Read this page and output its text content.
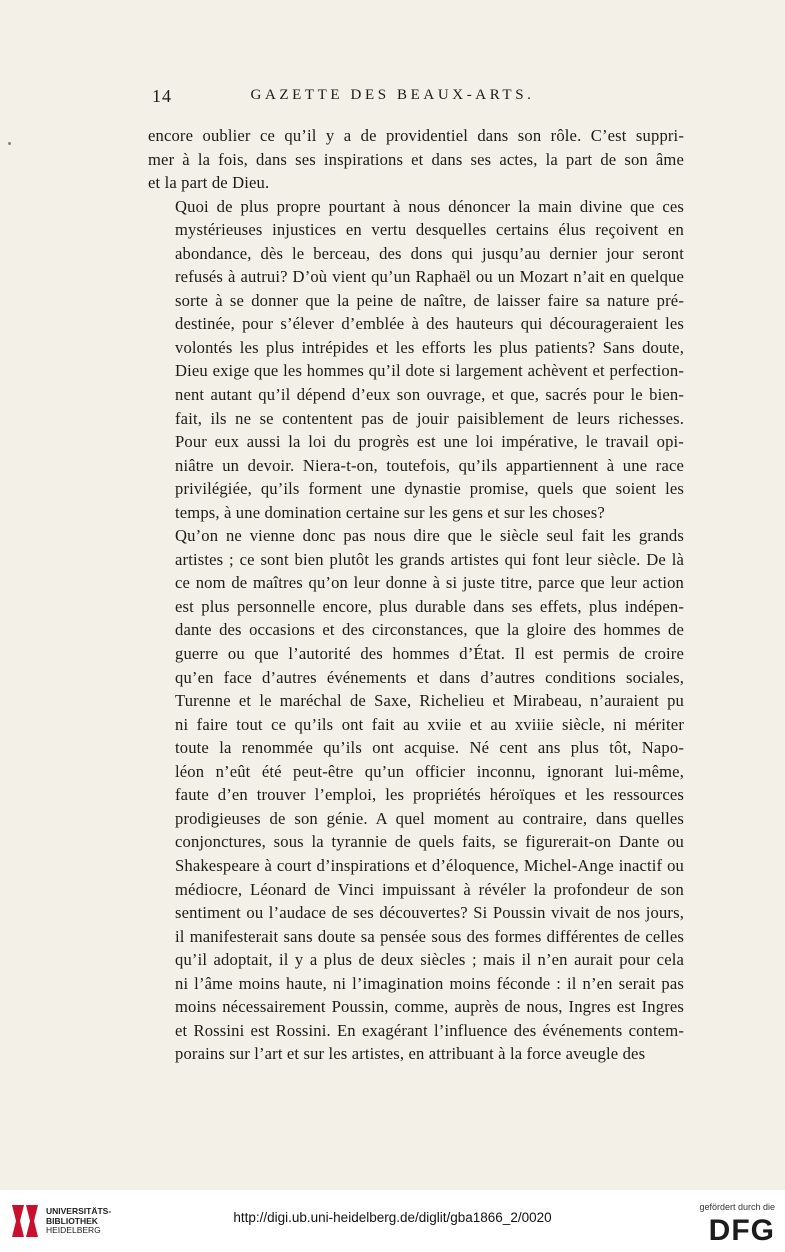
14	GAZETTE DES BEAUX-ARTS.

encore oublier ce qu’il y a de providentiel dans son rôle. C’est suppri-
mer à la fois, dans ses inspirations et dans ses actes, la part de son âme
et la part de Dieu.

Quoi de plus propre pourtant à nous dénoncer la main divine que ces
mystérieuses injustices en vertu desquelles certains élus reçoivent en
abondance, dès le berceau, des dons qui jusqu’au dernier jour seront
refusés à autrui? D’où vient qu’un Raphaël ou un Mozart n’ait en quelque
sorte à se donner que la peine de naître, de laisser faire sa nature pré-
destinée, pour s’élever d’emblée à des hauteurs qui décourageraient les
volontés les plus intrépides et les efforts les plus patients? Sans doute,
Dieu exige que les hommes qu’il dote si largement achèvent et perfection-
nent autant qu’il dépend d’eux son ouvrage, et que, sacrés pour le bien-
fait, ils ne se contentent pas de jouir paisiblement de leurs richesses.
Pour eux aussi la loi du progrès est une loi impérative, le travail opi-
niâtre un devoir. Niera-t-on, toutefois, qu’ils appartiennent à une race
privilégiée, qu’ils forment une dynastie promise, quels que soient les
temps, à une domination certaine sur les gens et sur les choses?

Qu’on ne vienne donc pas nous dire que le siècle seul fait les grands
artistes ; ce sont bien plutôt les grands artistes qui font leur siècle. De là
ce nom de maîtres qu’on leur donne à si juste titre, parce que leur action
est plus personnelle encore, plus durable dans ses effets, plus indépen-
dante des occasions et des circonstances, que la gloire des hommes de
guerre ou que l’autorité des hommes d’État. Il est permis de croire
qu’en face d’autres événements et dans d’autres conditions sociales,
Turenne et le maréchal de Saxe, Richelieu et Mirabeau, n’auraient pu
ni faire tout ce qu’ils ont fait au xviie et au xviiie siècle, ni mériter
toute la renommée qu’ils ont acquise. Né cent ans plus tôt, Napo-
léon n’eût été peut-être qu’un officier inconnu, ignorant lui-même,
faute d’en trouver l’emploi, les propriétés héroïques et les ressources
prodigieuses de son génie. A quel moment au contraire, dans quelles
conjonctures, sous la tyrannie de quels faits, se figurerait-on Dante ou
Shakespeare à court d’inspirations et d’éloquence, Michel-Ange inactif ou
médiocre, Léonard de Vinci impuissant à révéler la profondeur de son
sentiment ou l’audace de ses découvertes? Si Poussin vivait de nos jours,
il manifesterait sans doute sa pensée sous des formes différentes de celles
qu’il adoptait, il y a plus de deux siècles ; mais il n’en aurait pour cela
ni l’âme moins haute, ni l’imagination moins féconde : il n’en serait pas
moins nécessairement Poussin, comme, auprès de nous, Ingres est Ingres
et Rossini est Rossini. En exagérant l’influence des événements contem-
porains sur l’art et sur les artistes, en attribuant à la force aveugle des

UNIVERSITÄTS-
BIBLIOTHEK
HEIDELBERG
http://digi.ub.uni-heidelberg.de/diglit/gba1866_2/0020
gefördert durch die
DFG
